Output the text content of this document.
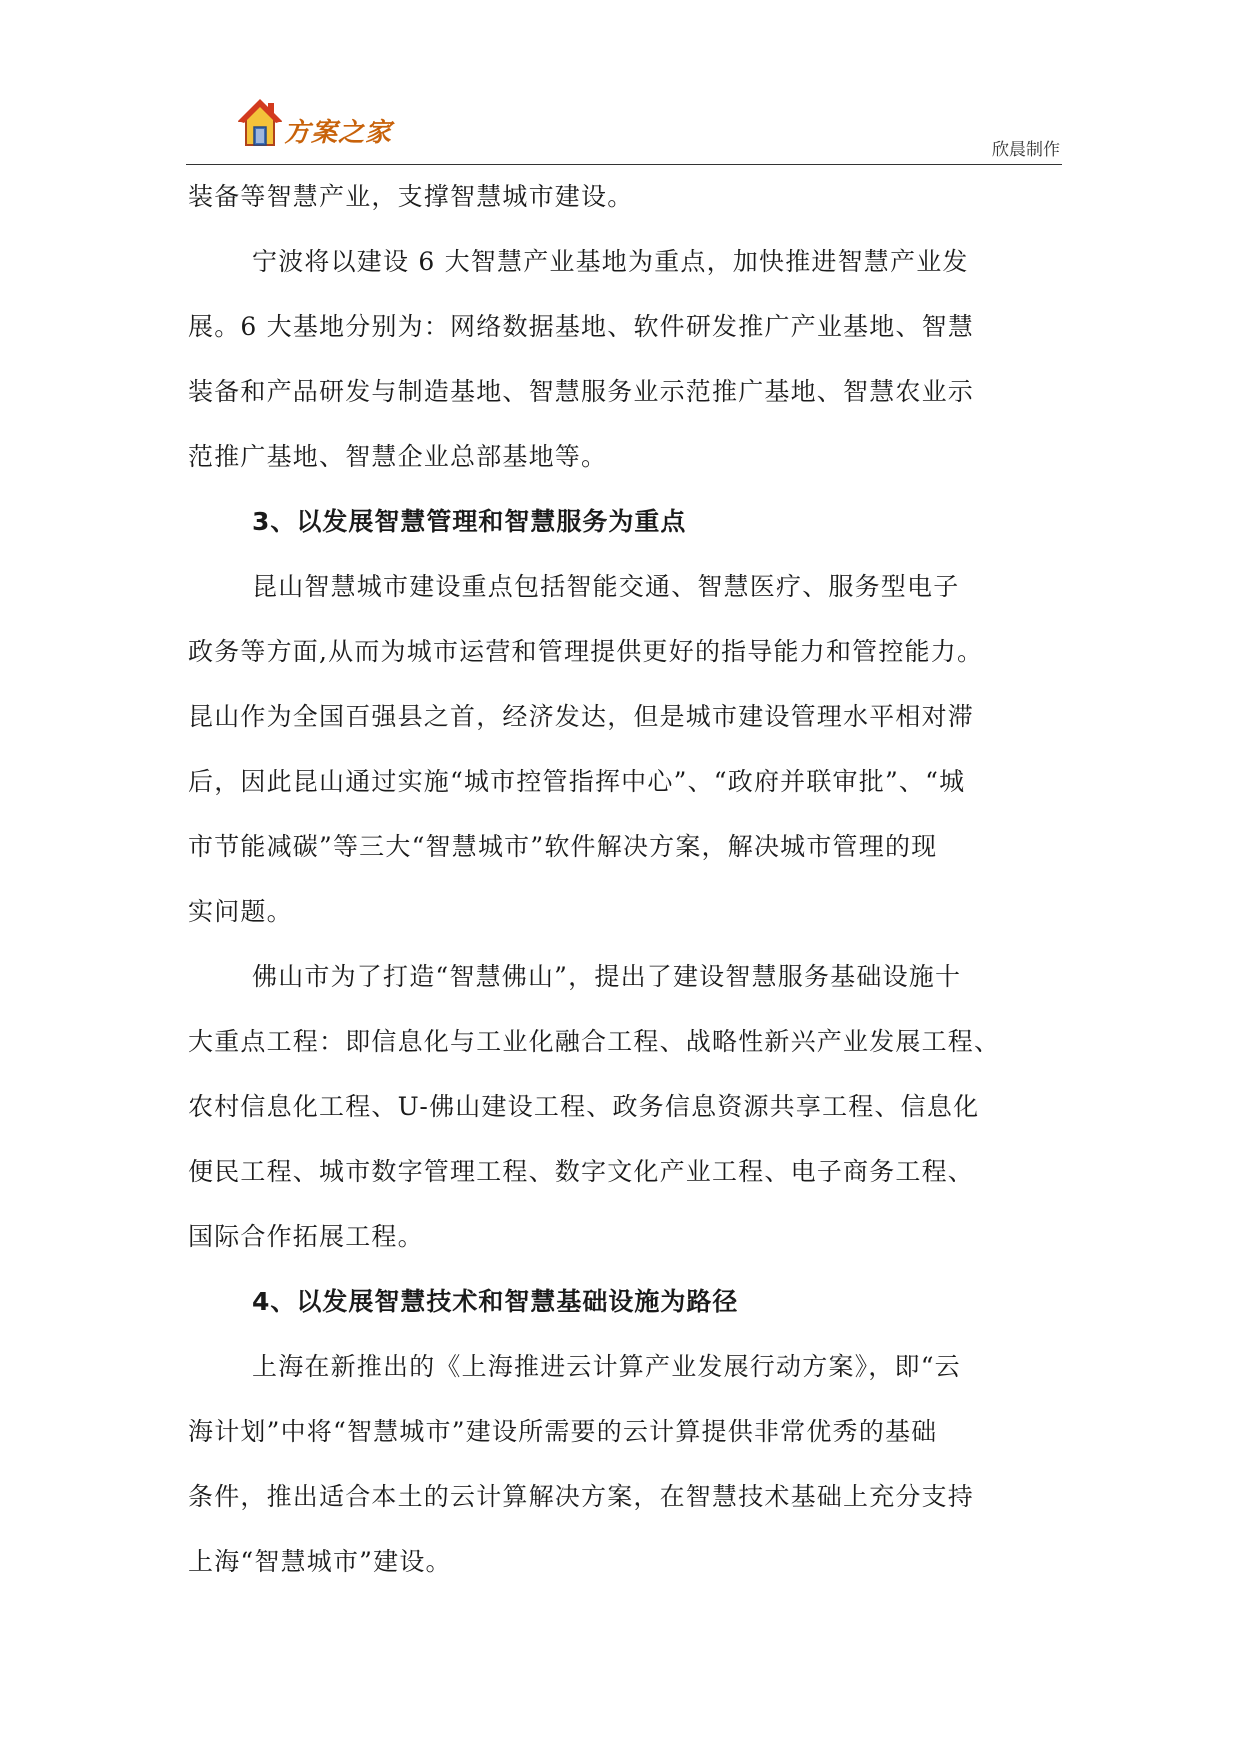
方案之家
欣晨制作
装备等智慧产业，支撑智慧城市建设。
宁波将以建设 6 大智慧产业基地为重点，加快推进智慧产业发
展。6 大基地分别为：网络数据基地、软件研发推广产业基地、智慧
装备和产品研发与制造基地、智慧服务业示范推广基地、智慧农业示
范推广基地、智慧企业总部基地等。
3、以发展智慧管理和智慧服务为重点
昆山智慧城市建设重点包括智能交通、智慧医疗、服务型电子
政务等方面,从而为城市运营和管理提供更好的指导能力和管控能力。
昆山作为全国百强县之首，经济发达，但是城市建设管理水平相对滞
后，因此昆山通过实施“城市控管指挥中心”、“政府并联审批”、“城
市节能减碳”等三大“智慧城市”软件解决方案，解决城市管理的现
实问题。
佛山市为了打造“智慧佛山”，提出了建设智慧服务基础设施十
大重点工程：即信息化与工业化融合工程、战略性新兴产业发展工程、
农村信息化工程、U-佛山建设工程、政务信息资源共享工程、信息化
便民工程、城市数字管理工程、数字文化产业工程、电子商务工程、
国际合作拓展工程。
4、以发展智慧技术和智慧基础设施为路径
上海在新推出的《上海推进云计算产业发展行动方案》，即“云
海计划”中将“智慧城市”建设所需要的云计算提供非常优秀的基础
条件，推出适合本土的云计算解决方案，在智慧技术基础上充分支持
上海“智慧城市”建设。
